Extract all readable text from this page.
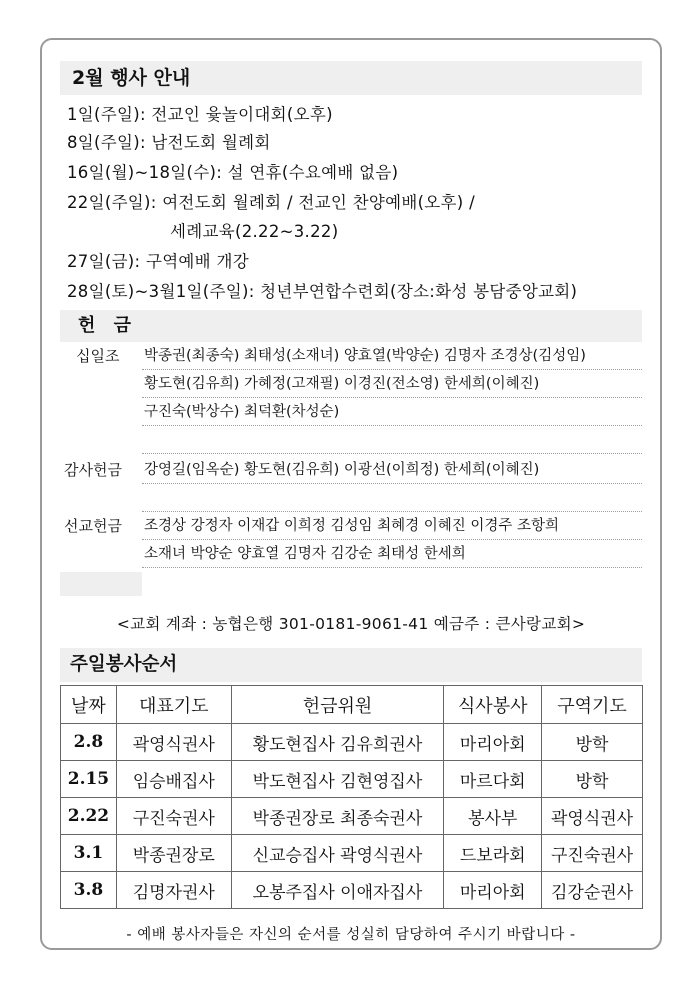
2월 행사 안내
1일(주일): 전교인 윷놀이대회(오후)
8일(주일): 남전도회 월례회
16일(월)~18일(수): 설 연휴(수요예배 없음)
22일(주일): 여전도회 월례회 / 전교인 찬양예배(오후) /
세례교육(2.22~3.22)
27일(금): 구역예배 개강
28일(토)~3월1일(주일): 청년부연합수련회(장소:화성 봉담중앙교회)
헌 금
십일조	박종권(최종숙) 최태성(소재녀) 양효열(박양순) 김명자 조경상(김성임)
황도현(김유희) 가혜정(고재필) 이경진(전소영) 한세희(이혜진)
구진숙(박상수) 최덕환(차성순)
감사헌금	강영길(임옥순) 황도현(김유희) 이광선(이희정) 한세희(이혜진)
선교헌금	조경상 강정자 이재갑 이희정 김성임 최혜경 이혜진 이경주 조항희
소재녀 박양순 양효열 김명자 김강순 최태성 한세희
<교회 계좌 : 농협은행 301-0181-9061-41 예금주 : 큰사랑교회>
주일봉사순서
날짜	대표기도	헌금위원	식사봉사	구역기도
2.8	곽영식권사	황도현집사 김유희권사	마리아회	방학
2.15	임승배집사	박도현집사 김현영집사	마르다회	방학
2.22	구진숙권사	박종권장로 최종숙권사	봉사부	곽영식권사
3.1	박종권장로	신교승집사 곽영식권사	드보라회	구진숙권사
3.8	김명자권사	오봉주집사 이애자집사	마리아회	김강순권사
- 예배 봉사자들은 자신의 순서를 성실히 담당하여 주시기 바랍니다 -
